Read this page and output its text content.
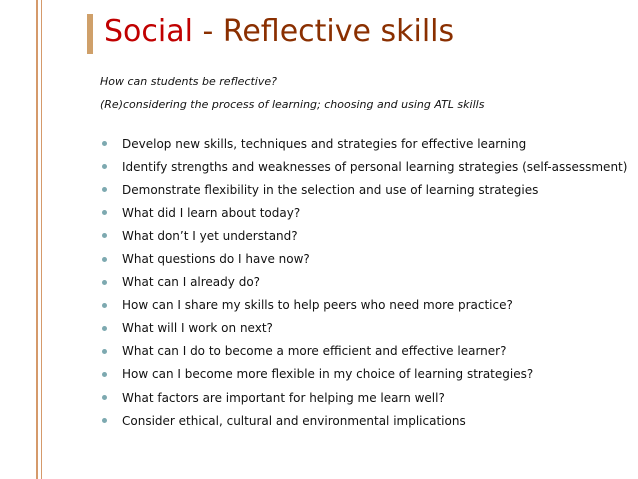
Social - Reflective skills
How can students be reflective?
(Re)considering the process of learning; choosing and using ATL skills
Develop new skills, techniques and strategies for effective learning
Identify strengths and weaknesses of personal learning strategies (self-assessment)
Demonstrate flexibility in the selection and use of learning strategies
What did I learn about today?
What don’t I yet understand?
What questions do I have now?
What can I already do?
How can I share my skills to help peers who need more practice?
What will I work on next?
What can I do to become a more efficient and effective learner?
How can I become more flexible in my choice of learning strategies?
What factors are important for helping me learn well?
Consider ethical, cultural and environmental implications
